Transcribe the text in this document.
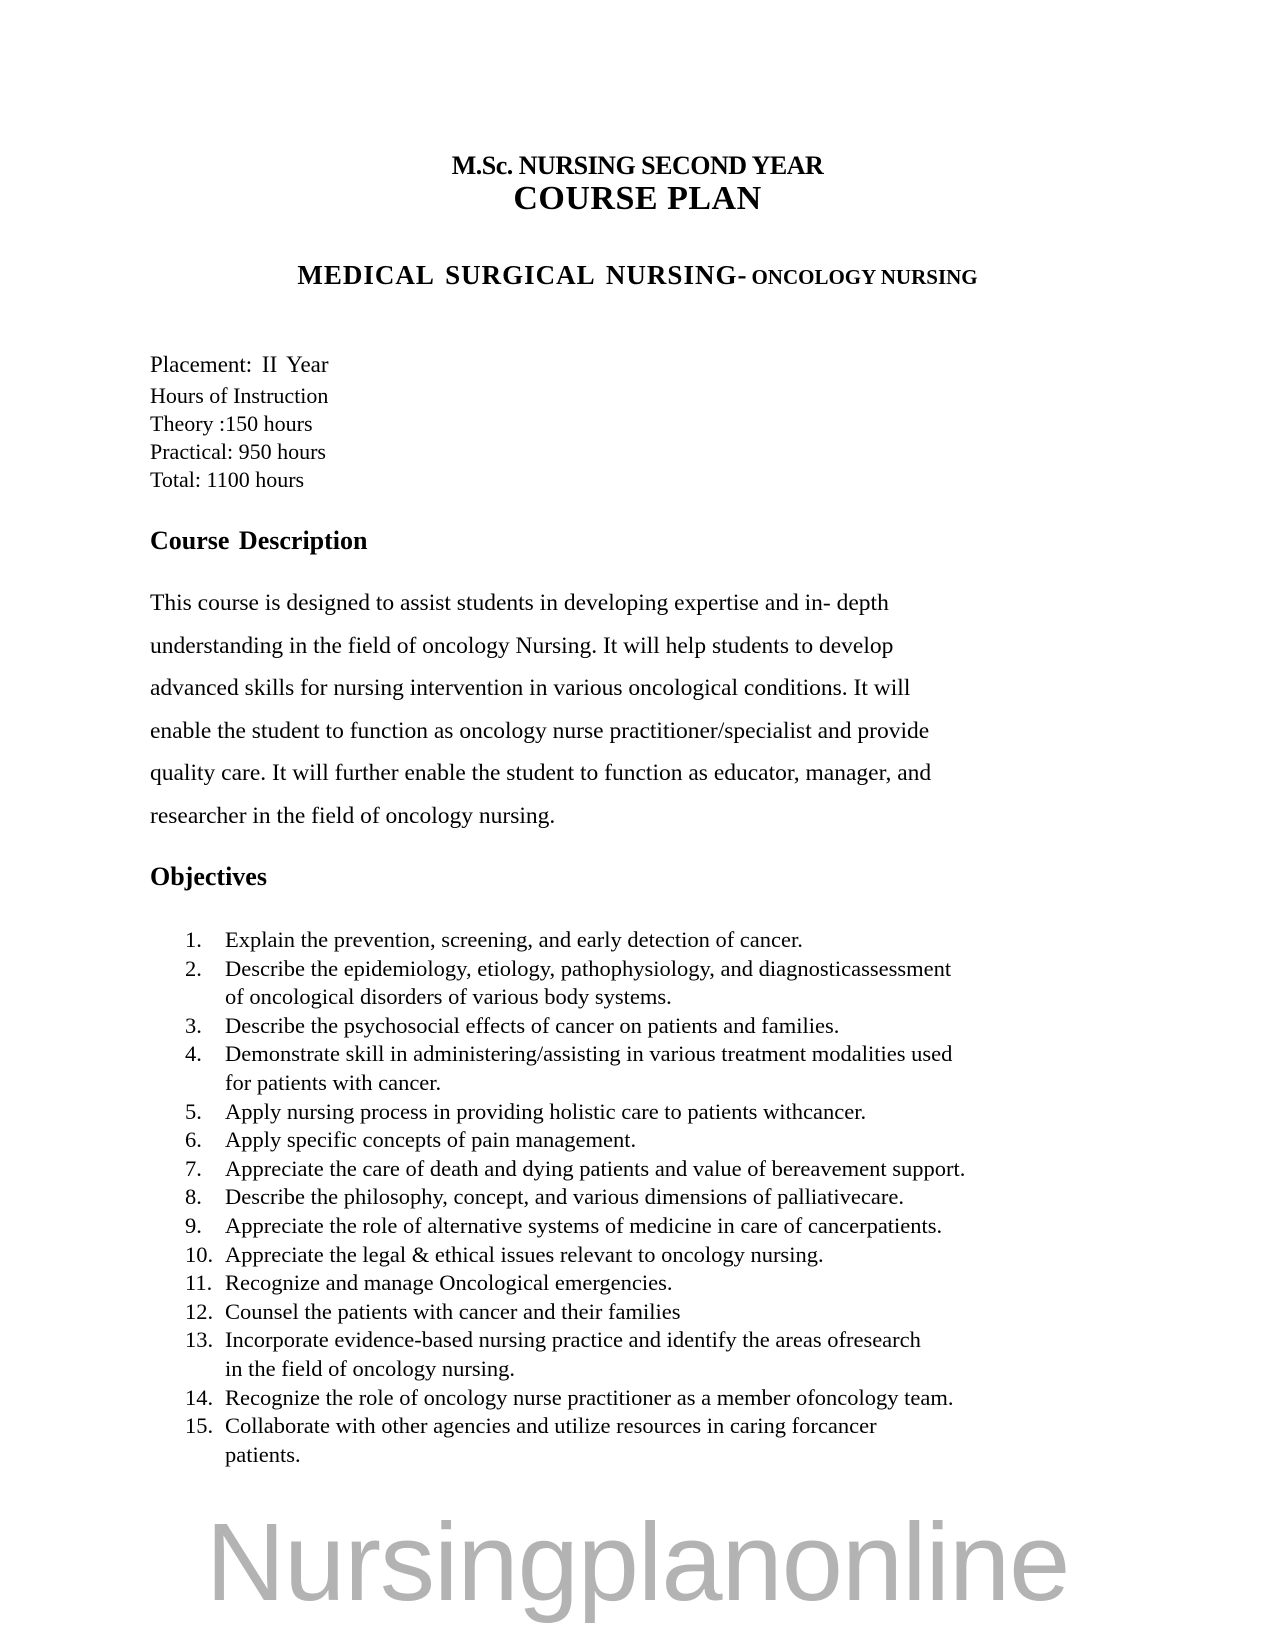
M.Sc. NURSING SECOND YEAR
COURSE PLAN
MEDICAL SURGICAL NURSING- ONCOLOGY NURSING
Placement: II Year
Hours of Instruction
Theory :150 hours
Practical: 950 hours
Total: 1100 hours
Course Description
This course is designed to assist students in developing expertise and in- depth
understanding in the field of oncology Nursing. It will help students to develop
advanced skills for nursing intervention in various oncological conditions. It will
enable the student to function as oncology nurse practitioner/specialist and provide
quality care. It will further enable the student to function as educator, manager, and
researcher in the field of oncology nursing.
Objectives
1. Explain the prevention, screening, and early detection of cancer.
2. Describe the epidemiology, etiology, pathophysiology, and diagnosticassessment
of oncological disorders of various body systems.
3. Describe the psychosocial effects of cancer on patients and families.
4. Demonstrate skill in administering/assisting in various treatment modalities used
for patients with cancer.
5. Apply nursing process in providing holistic care to patients withcancer.
6. Apply specific concepts of pain management.
7. Appreciate the care of death and dying patients and value of bereavement support.
8. Describe the philosophy, concept, and various dimensions of palliativecare.
9. Appreciate the role of alternative systems of medicine in care of cancerpatients.
10. Appreciate the legal & ethical issues relevant to oncology nursing.
11. Recognize and manage Oncological emergencies.
12. Counsel the patients with cancer and their families
13. Incorporate evidence-based nursing practice and identify the areas ofresearch
in the field of oncology nursing.
14. Recognize the role of oncology nurse practitioner as a member ofoncology team.
15. Collaborate with other agencies and utilize resources in caring forcancer
patients.
Nursingplanonline
